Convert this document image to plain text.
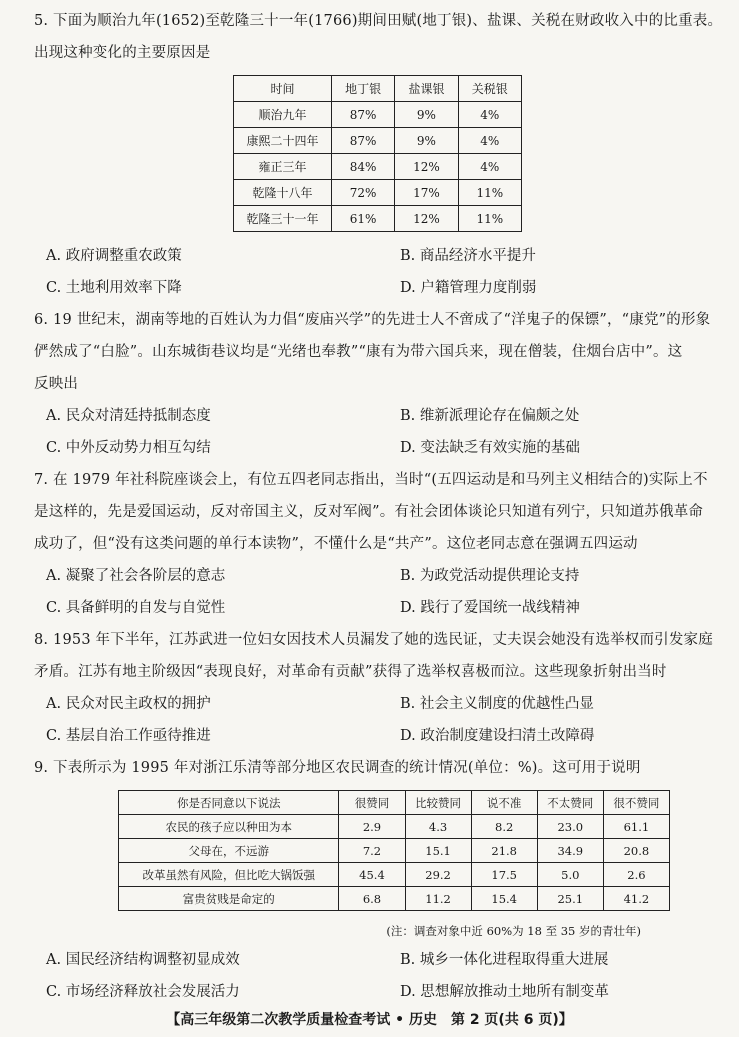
5. 下面为顺治九年(1652)至乾隆三十一年(1766)期间田赋(地丁银)、盐课、关税在财政收入中的比重表。
出现这种变化的主要原因是
时间	地丁银	盐课银	关税银
顺治九年	87%	9%	4%
康熙二十四年	87%	9%	4%
雍正三年	84%	12%	4%
乾隆十八年	72%	17%	11%
乾隆三十一年	61%	12%	11%
A. 政府调整重农政策	B. 商品经济水平提升
C. 土地利用效率下降	D. 户籍管理力度削弱
6. 19 世纪末，湖南等地的百姓认为力倡“废庙兴学”的先进士人不啻成了“洋鬼子的保镖”，“康党”的形象
俨然成了“白脸”。山东城街巷议均是“光绪也奉教”“康有为带六国兵来，现在僧装，住烟台店中”。这
反映出
A. 民众对清廷持抵制态度	B. 维新派理论存在偏颇之处
C. 中外反动势力相互勾结	D. 变法缺乏有效实施的基础
7. 在 1979 年社科院座谈会上，有位五四老同志指出，当时“(五四运动是和马列主义相结合的)实际上不
是这样的，先是爱国运动，反对帝国主义，反对军阀”。有社会团体谈论只知道有列宁，只知道苏俄革命
成功了，但“没有这类问题的单行本读物”，不懂什么是“共产”。这位老同志意在强调五四运动
A. 凝聚了社会各阶层的意志	B. 为政党活动提供理论支持
C. 具备鲜明的自发与自觉性	D. 践行了爱国统一战线精神
8. 1953 年下半年，江苏武进一位妇女因技术人员漏发了她的选民证，丈夫误会她没有选举权而引发家庭
矛盾。江苏有地主阶级因“表现良好，对革命有贡献”获得了选举权喜极而泣。这些现象折射出当时
A. 民众对民主政权的拥护	B. 社会主义制度的优越性凸显
C. 基层自治工作亟待推进	D. 政治制度建设扫清土改障碍
9. 下表所示为 1995 年对浙江乐清等部分地区农民调查的统计情况(单位：%)。这可用于说明
你是否同意以下说法	很赞同	比较赞同	说不准	不太赞同	很不赞同
农民的孩子应以种田为本	2.9	4.3	8.2	23.0	61.1
父母在，不远游	7.2	15.1	21.8	34.9	20.8
改革虽然有风险，但比吃大锅饭强	45.4	29.2	17.5	5.0	2.6
富贵贫贱是命定的	6.8	11.2	15.4	25.1	41.2
(注：调查对象中近 60%为 18 至 35 岁的青壮年)
A. 国民经济结构调整初显成效	B. 城乡一体化进程取得重大进展
C. 市场经济释放社会发展活力	D. 思想解放推动土地所有制变革
【高三年级第二次教学质量检查考试 • 历史　第 2 页(共 6 页)】
